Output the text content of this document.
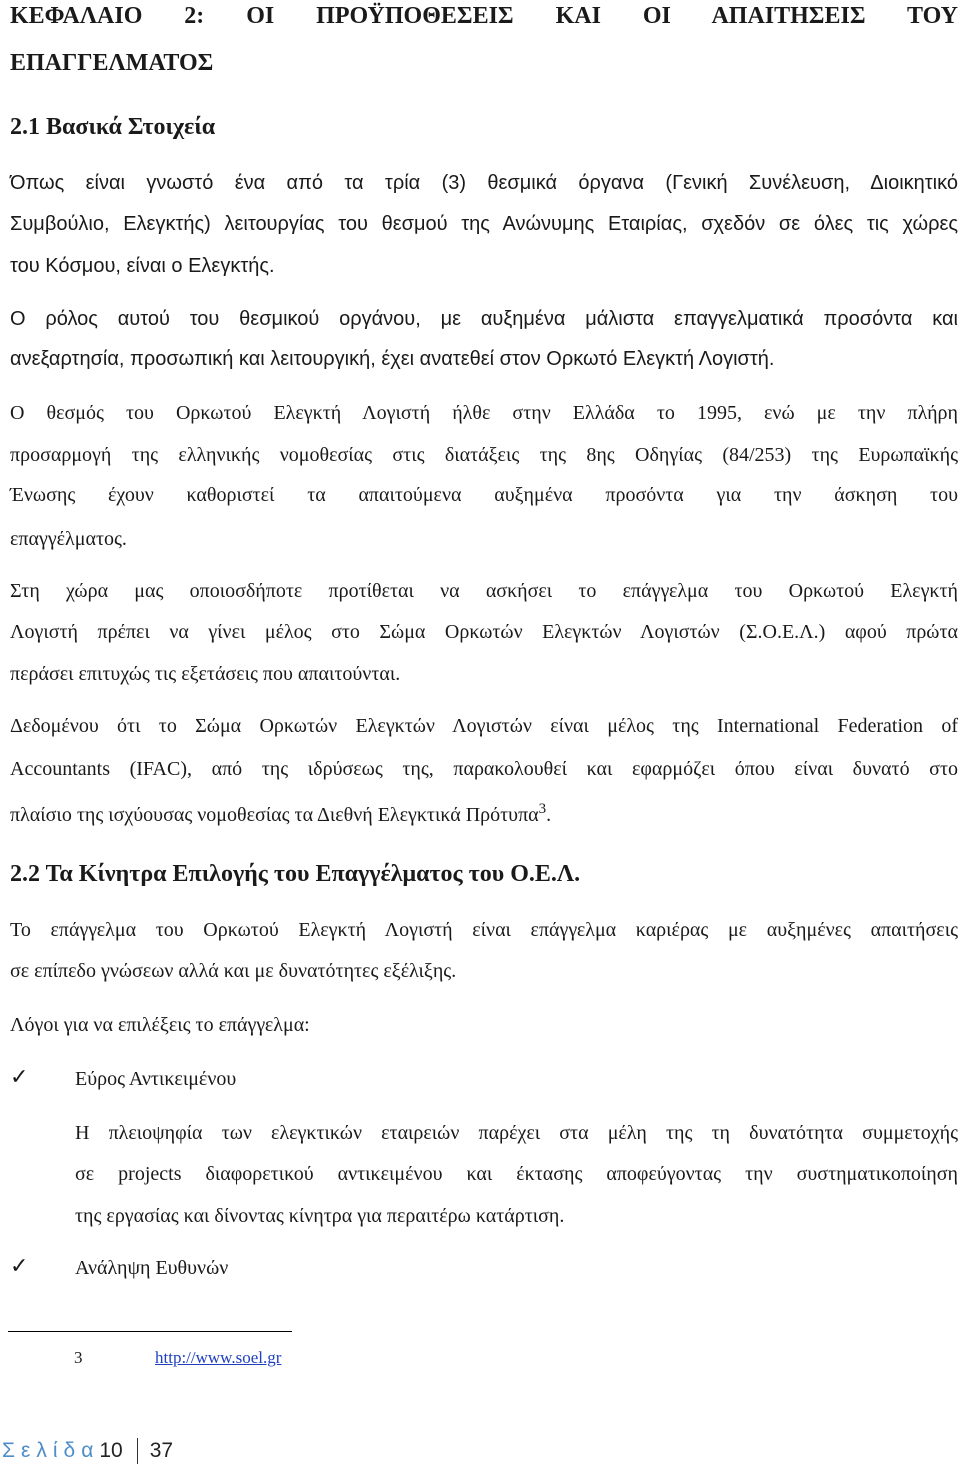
ΚΕΦΑΛΑΙΟ 2: ΟΙ ΠΡΟΫΠΟΘΕΣΕΙΣ ΚΑΙ ΟΙ ΑΠΑΙΤΗΣΕΙΣ ΤΟΥ
ΕΠΑΓΓΕΛΜΑΤΟΣ
2.1 Βασικά Στοιχεία
Όπως είναι γνωστό ένα από τα τρία (3) θεσμικά όργανα (Γενική Συνέλευση, Διοικητικό
Συμβούλιο, Ελεγκτής) λειτουργίας του θεσμού της Ανώνυμης Εταιρίας, σχεδόν σε όλες τις χώρες
του Κόσμου, είναι ο Ελεγκτής.
Ο ρόλος αυτού του θεσμικού οργάνου, με αυξημένα μάλιστα επαγγελματικά προσόντα και
ανεξαρτησία, προσωπική και λειτουργική, έχει ανατεθεί στον Ορκωτό Ελεγκτή Λογιστή.
Ο θεσμός του Ορκωτού Ελεγκτή Λογιστή ήλθε στην Ελλάδα το 1995, ενώ με την πλήρη
προσαρμογή της ελληνικής νομοθεσίας στις διατάξεις της 8ης Οδηγίας (84/253) της Ευρωπαϊκής
Ένωσης έχουν καθοριστεί τα απαιτούμενα αυξημένα προσόντα για την άσκηση του
επαγγέλματος.
Στη χώρα μας οποιοσδήποτε προτίθεται να ασκήσει το επάγγελμα του Ορκωτού Ελεγκτή
Λογιστή πρέπει να γίνει μέλος στο Σώμα Ορκωτών Ελεγκτών Λογιστών (Σ.Ο.Ε.Λ.) αφού πρώτα
περάσει επιτυχώς τις εξετάσεις που απαιτούνται.
Δεδομένου ότι το Σώμα Ορκωτών Ελεγκτών Λογιστών είναι μέλος της International Federation of
Accountants (IFAC), από της ιδρύσεως της, παρακολουθεί και εφαρμόζει όπου είναι δυνατό στο
πλαίσιο της ισχύουσας νομοθεσίας τα Διεθνή Ελεγκτικά Πρότυπα$^3$.
2.2 Τα Κίνητρα Επιλογής του Επαγγέλματος του Ο.Ε.Λ.
Το επάγγελμα του Ορκωτού Ελεγκτή Λογιστή είναι επάγγελμα καριέρας με αυξημένες απαιτήσεις
σε επίπεδο γνώσεων αλλά και με δυνατότητες εξέλιξης.
Λόγοι για να επιλέξεις το επάγγελμα:
✓ Εύρος Αντικειμένου
Η πλειοψηφία των ελεγκτικών εταιρειών παρέχει στα μέλη της τη δυνατότητα συμμετοχής
σε projects διαφορετικού αντικειμένου και έκτασης αποφεύγοντας την συστηματικοποίηση
της εργασίας και δίνοντας κίνητρα για περαιτέρω κατάρτιση.
✓ Ανάληψη Ευθυνών
3	http://www.soel.gr
Σελίδα 10 37
